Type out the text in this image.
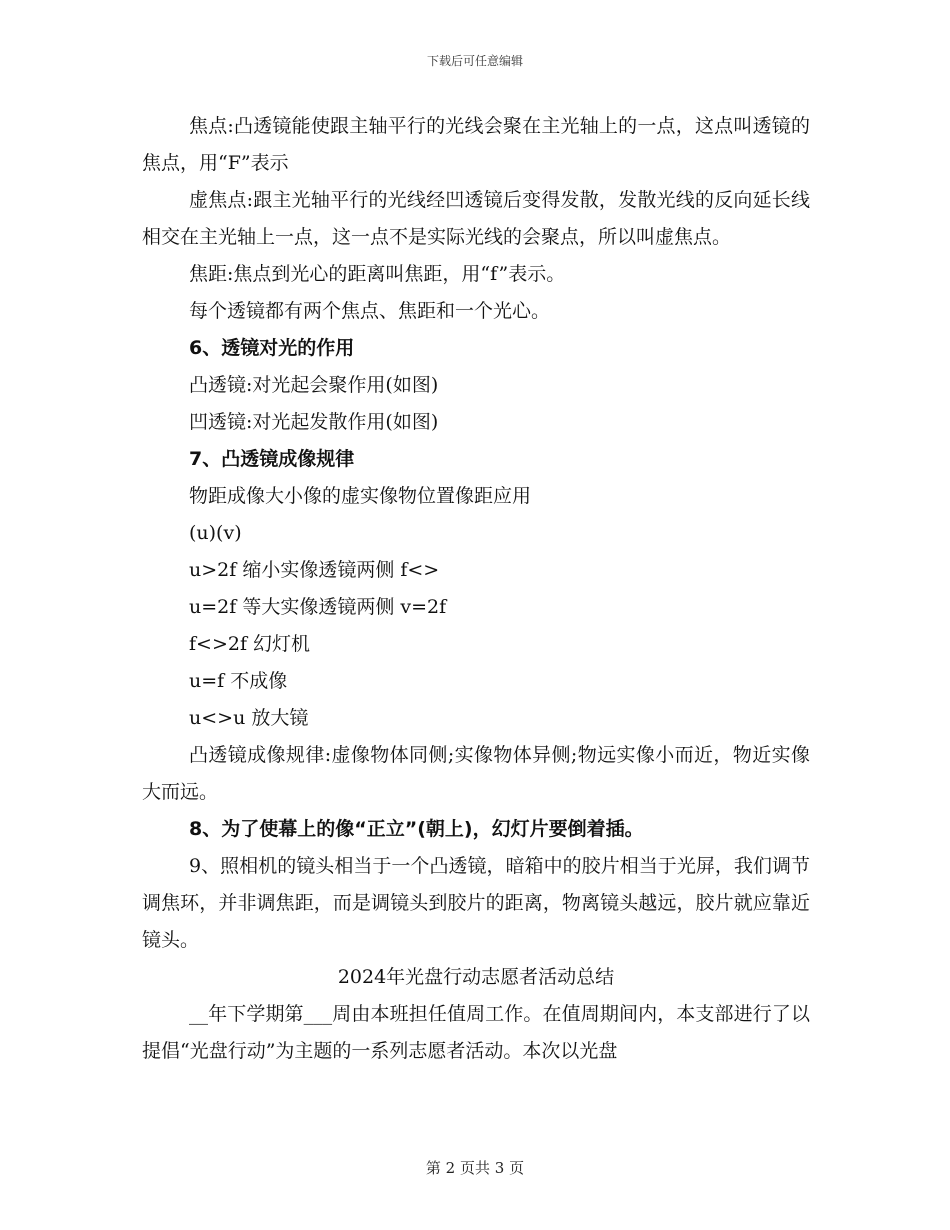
下载后可任意编辑

焦点:凸透镜能使跟主轴平行的光线会聚在主光轴上的一点，这点叫透镜的焦点，用“F”表示

虚焦点:跟主光轴平行的光线经凹透镜后变得发散，发散光线的反向延长线相交在主光轴上一点，这一点不是实际光线的会聚点，所以叫虚焦点。

焦距:焦点到光心的距离叫焦距，用“f”表示。

每个透镜都有两个焦点、焦距和一个光心。

6、透镜对光的作用

凸透镜:对光起会聚作用(如图)

凹透镜:对光起发散作用(如图)

7、凸透镜成像规律

物距成像大小像的虚实像物位置像距应用

(u)(v)

u>2f 缩小实像透镜两侧 f<>

u=2f 等大实像透镜两侧 v=2f

f<>2f 幻灯机

u=f 不成像

u<>u 放大镜

凸透镜成像规律:虚像物体同侧;实像物体异侧;物远实像小而近，物近实像大而远。

8、为了使幕上的像“正立”(朝上)，幻灯片要倒着插。

9、照相机的镜头相当于一个凸透镜，暗箱中的胶片相当于光屏，我们调节调焦环，并非调焦距，而是调镜头到胶片的距离，物离镜头越远，胶片就应靠近镜头。

2024年光盘行动志愿者活动总结

__年下学期第___周由本班担任值周工作。在值周期间内，本支部进行了以提倡“光盘行动”为主题的一系列志愿者活动。本次以光盘

第 2 页共 3 页
